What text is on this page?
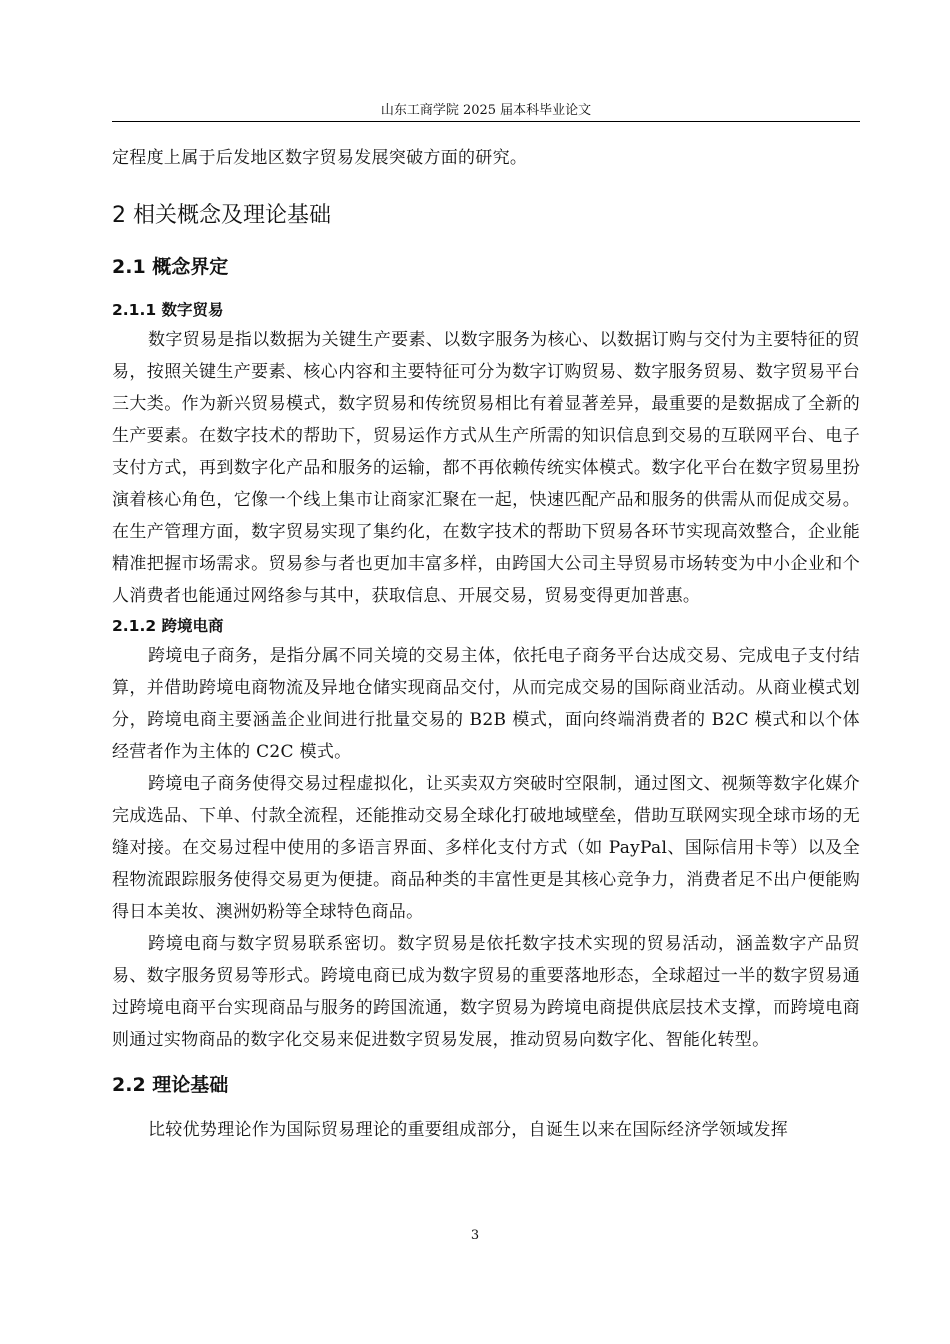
山东工商学院 2025 届本科毕业论文

定程度上属于后发地区数字贸易发展突破方面的研究。

2 相关概念及理论基础
2.1 概念界定
2.1.1 数字贸易

数字贸易是指以数据为关键生产要素、以数字服务为核心、以数据订购与交付为主要特征的贸易，按照关键生产要素、核心内容和主要特征可分为数字订购贸易、数字服务贸易、数字贸易平台三大类。作为新兴贸易模式，数字贸易和传统贸易相比有着显著差异，最重要的是数据成了全新的生产要素。在数字技术的帮助下，贸易运作方式从生产所需的知识信息到交易的互联网平台、电子支付方式，再到数字化产品和服务的运输，都不再依赖传统实体模式。数字化平台在数字贸易里扮演着核心角色，它像一个线上集市让商家汇聚在一起，快速匹配产品和服务的供需从而促成交易。在生产管理方面，数字贸易实现了集约化，在数字技术的帮助下贸易各环节实现高效整合，企业能精准把握市场需求。贸易参与者也更加丰富多样，由跨国大公司主导贸易市场转变为中小企业和个人消费者也能通过网络参与其中，获取信息、开展交易，贸易变得更加普惠。

2.1.2 跨境电商

跨境电子商务，是指分属不同关境的交易主体，依托电子商务平台达成交易、完成电子支付结算，并借助跨境电商物流及异地仓储实现商品交付，从而完成交易的国际商业活动。从商业模式划分，跨境电商主要涵盖企业间进行批量交易的 B2B 模式，面向终端消费者的 B2C 模式和以个体经营者作为主体的 C2C 模式。

跨境电子商务使得交易过程虚拟化，让买卖双方突破时空限制，通过图文、视频等数字化媒介完成选品、下单、付款全流程，还能推动交易全球化打破地域壁垒，借助互联网实现全球市场的无缝对接。在交易过程中使用的多语言界面、多样化支付方式（如 PayPal、国际信用卡等）以及全程物流跟踪服务使得交易更为便捷。商品种类的丰富性更是其核心竞争力，消费者足不出户便能购得日本美妆、澳洲奶粉等全球特色商品。

跨境电商与数字贸易联系密切。数字贸易是依托数字技术实现的贸易活动，涵盖数字产品贸易、数字服务贸易等形式。跨境电商已成为数字贸易的重要落地形态，全球超过一半的数字贸易通过跨境电商平台实现商品与服务的跨国流通，数字贸易为跨境电商提供底层技术支撑，而跨境电商则通过实物商品的数字化交易来促进数字贸易发展，推动贸易向数字化、智能化转型。

2.2 理论基础

比较优势理论作为国际贸易理论的重要组成部分，自诞生以来在国际经济学领域发挥

3
